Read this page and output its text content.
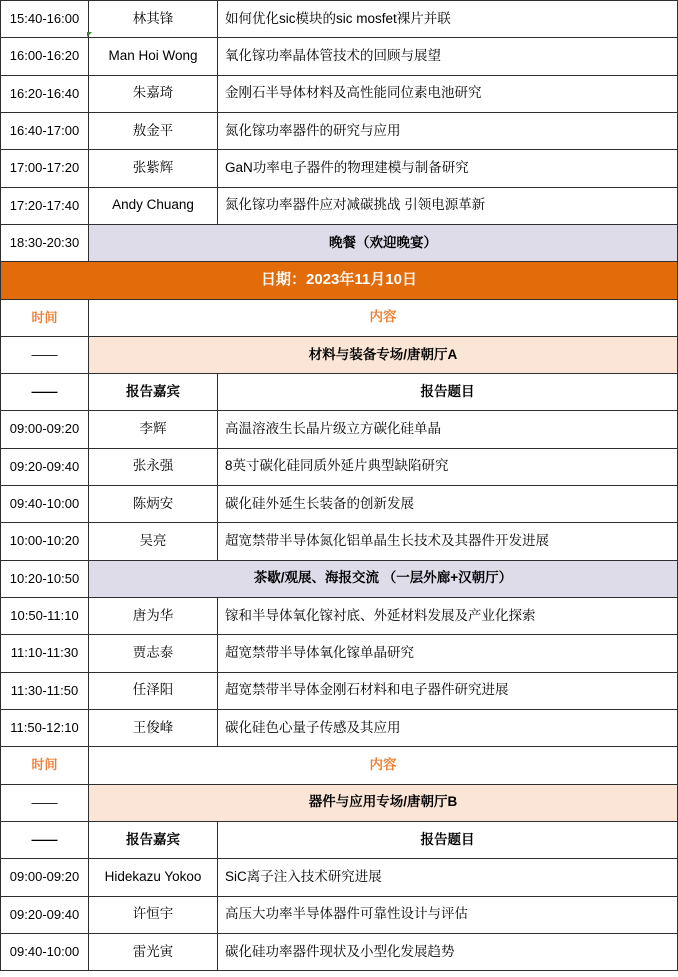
15:40-16:00	林其锋	如何优化sic模块的sic mosfet裸片并联
16:00-16:20	Man Hoi Wong	氧化镓功率晶体管技术的回顾与展望
16:20-16:40	朱嘉琦	金刚石半导体材料及高性能同位素电池研究
16:40-17:00	敖金平	氮化镓功率器件的研究与应用
17:00-17:20	张紫辉	GaN功率电子器件的物理建模与制备研究
17:20-17:40	Andy Chuang	氮化镓功率器件应对减碳挑战 引领电源革新
18:30-20:30	晚餐（欢迎晚宴）
日期：2023年11月10日
时间	内容
——	材料与装备专场/唐朝厅A
——	报告嘉宾	报告题目
09:00-09:20	李辉	高温溶液生长晶片级立方碳化硅单晶
09:20-09:40	张永强	8英寸碳化硅同质外延片典型缺陷研究
09:40-10:00	陈炳安	碳化硅外延生长装备的创新发展
10:00-10:20	吴亮	超宽禁带半导体氮化铝单晶生长技术及其器件开发进展
10:20-10:50	茶歇/观展、海报交流 （一层外廊+汉朝厅）
10:50-11:10	唐为华	镓和半导体氧化镓衬底、外延材料发展及产业化探索
11:10-11:30	贾志泰	超宽禁带半导体氧化镓单晶研究
11:30-11:50	任泽阳	超宽禁带半导体金刚石材料和电子器件研究进展
11:50-12:10	王俊峰	碳化硅色心量子传感及其应用
时间	内容
——	器件与应用专场/唐朝厅B
——	报告嘉宾	报告题目
09:00-09:20	Hidekazu Yokoo	SiC离子注入技术研究进展
09:20-09:40	许恒宇	高压大功率半导体器件可靠性设计与评估
09:40-10:00	雷光寅	碳化硅功率器件现状及小型化发展趋势
